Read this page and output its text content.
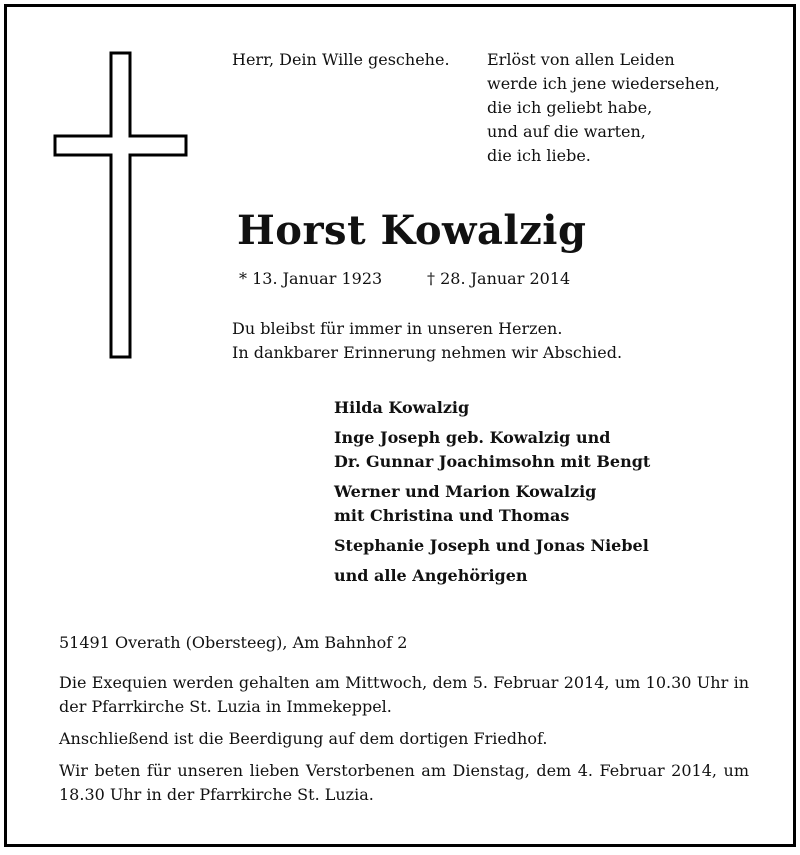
Herr, Dein Wille geschehe. Erlöst von allen Leiden
werde ich jene wiedersehen,
die ich geliebt habe,
und auf die warten,
die ich liebe.
Horst Kowalzig
* 13. Januar 1923	† 28. Januar 2014
Du bleibst für immer in unseren Herzen.
In dankbarer Erinnerung nehmen wir Abschied.
Hilda Kowalzig
Inge Joseph geb. Kowalzig und
Dr. Gunnar Joachimsohn mit Bengt
Werner und Marion Kowalzig
mit Christina und Thomas
Stephanie Joseph und Jonas Niebel
und alle Angehörigen
51491 Overath (Obersteeg), Am Bahnhof 2
Die Exequien werden gehalten am Mittwoch, dem 5. Februar 2014, um 10.30 Uhr in der Pfarrkirche St. Luzia in Immekeppel.
Anschließend ist die Beerdigung auf dem dortigen Friedhof.
Wir beten für unseren lieben Verstorbenen am Dienstag, dem 4. Februar 2014, um 18.30 Uhr in der Pfarrkirche St. Luzia.
